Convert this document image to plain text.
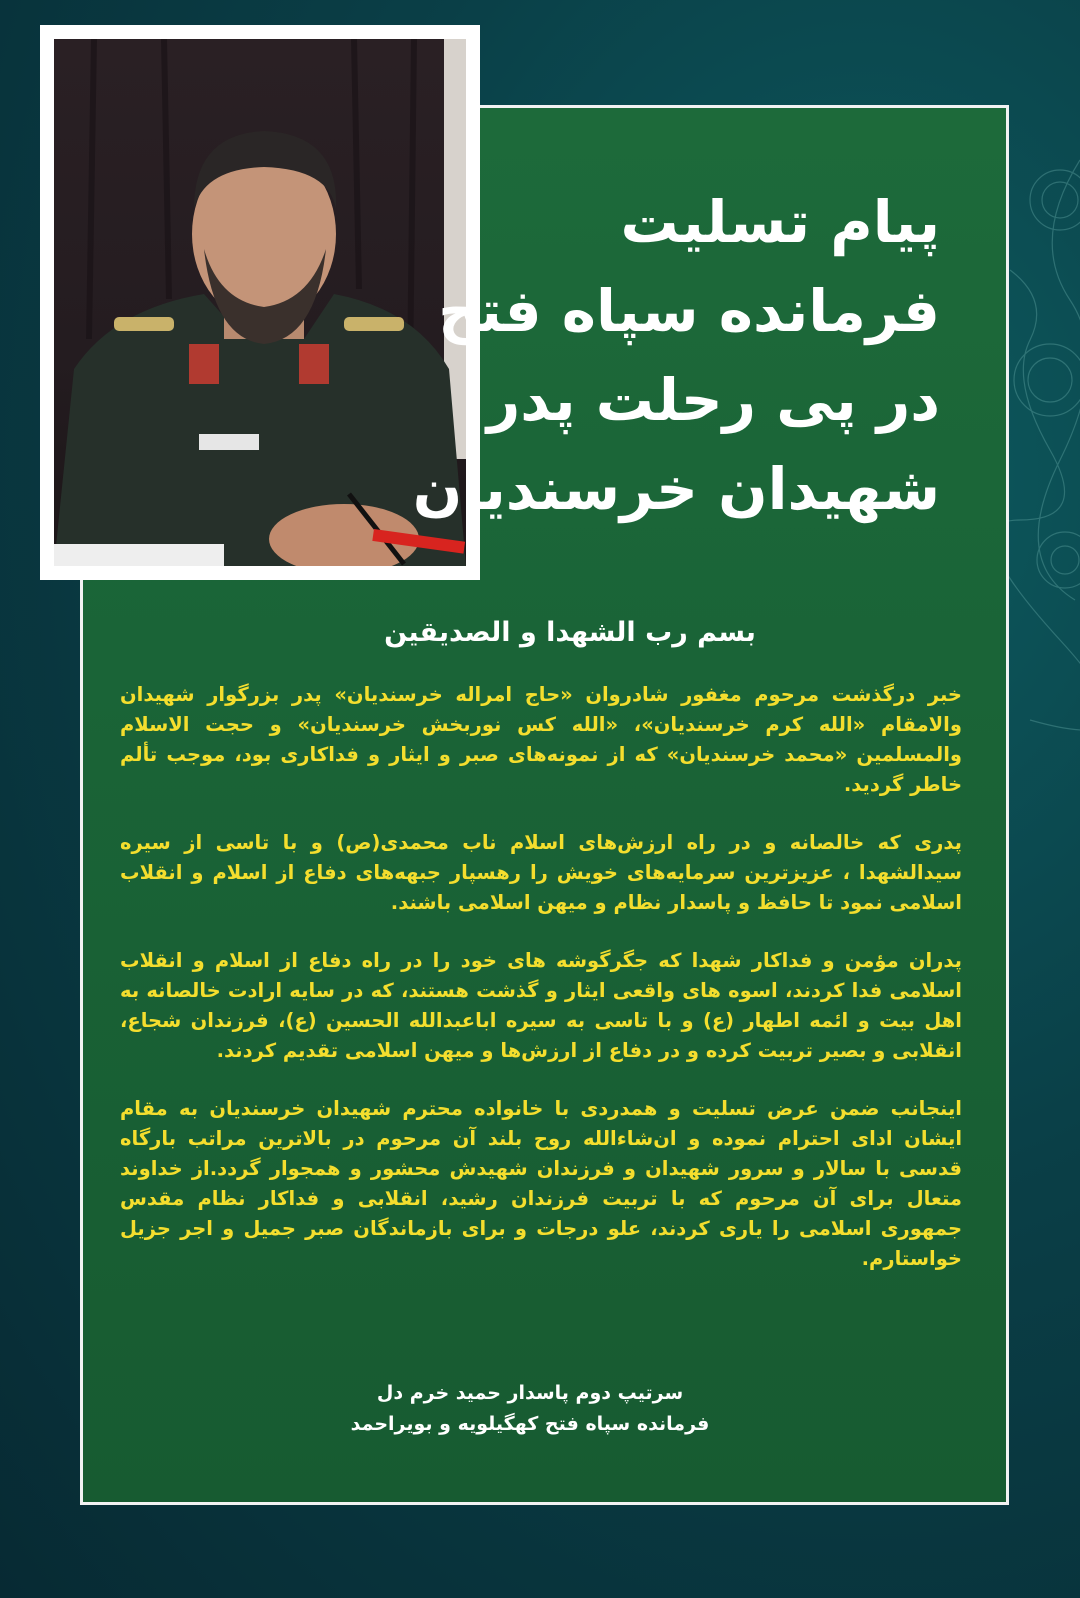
پیام تسلیت
فرمانده سپاه فتح
در پی رحلت پدر
شهیدان خرسندیان
بسم رب الشهدا و الصدیقین

خبر درگذشت مرحوم مغفور شادروان «حاج امراله خرسندیان» پدر بزرگوار شهیدان والامقام «الله کرم خرسندیان»، «الله کس نوربخش خرسندیان» و حجت الاسلام والمسلمین «محمد خرسندیان» که از نمونه‌های صبر و ایثار و فداکاری بود، موجب تألم خاطر گردید.

پدری که خالصانه و در راه ارزش‌های اسلام ناب محمدی(ص) و با تاسی از سیره سیدالشهدا ، عزیزترین سرمایه‌های خویش را رهسپار جبهه‌های دفاع از اسلام و انقلاب اسلامی نمود تا حافظ و پاسدار نظام و میهن اسلامی باشند.

پدران مؤمن و فداکار شهدا که جگرگوشه های خود را در راه دفاع از اسلام و انقلاب اسلامی فدا کردند، اسوه های واقعی ایثار و گذشت هستند، که در سایه ارادت خالصانه به اهل بیت و ائمه اطهار (ع) و با تاسی به سیره اباعبدالله الحسین (ع)، فرزندان شجاع، انقلابی و بصیر تربیت کرده و در دفاع از ارزش‌ها و میهن اسلامی تقدیم کردند.

اینجانب ضمن عرض تسلیت و همدردی با خانواده محترم شهیدان خرسندیان به مقام ایشان ادای احترام نموده و ان‌شاءالله روح بلند آن مرحوم در بالاترین مراتب بارگاه قدسی با سالار و سرور شهیدان و فرزندان شهیدش محشور و همجوار گردد.از خداوند متعال برای آن مرحوم که با تربیت فرزندان رشید، انقلابی و فداکار نظام مقدس جمهوری اسلامی را یاری کردند، علو درجات و برای بازماندگان صبر جمیل و اجر جزیل خواستارم.

سرتیپ دوم پاسدار حمید خرم دل
فرمانده سپاه فتح کهگیلویه و بویراحمد
